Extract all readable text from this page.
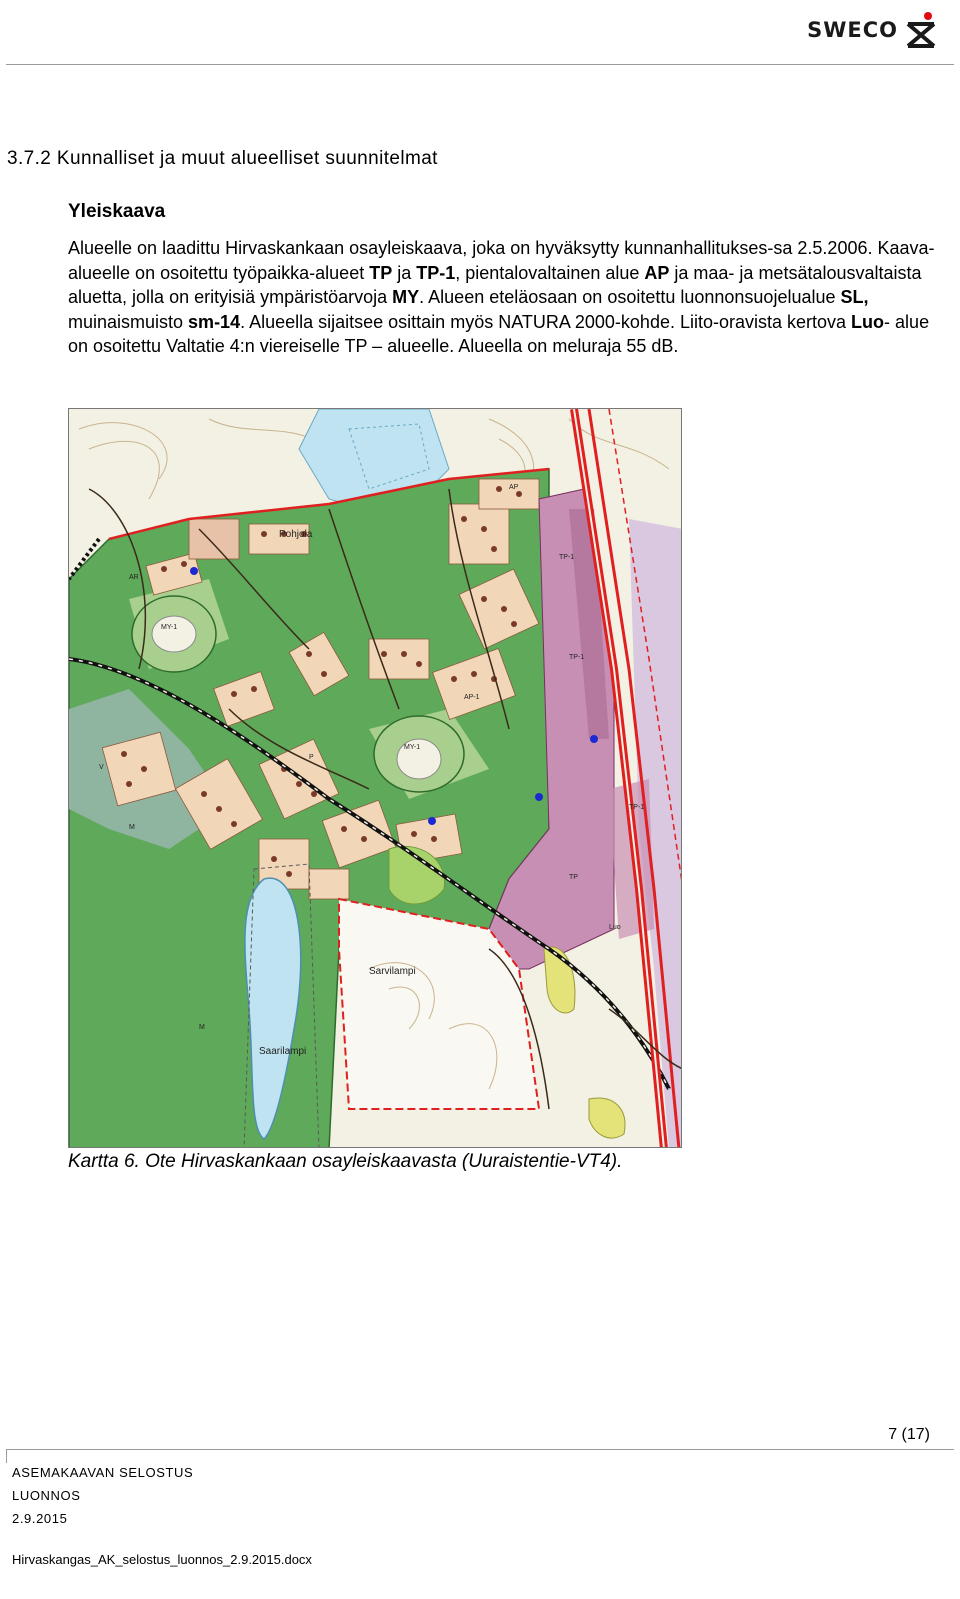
SWECO
3.7.2 Kunnalliset ja muut alueelliset suunnitelmat
Yleiskaava
Alueelle on laadittu Hirvaskankaan osayleiskaava, joka on hyväksytty kunnanhallitukses-sa 2.5.2006. Kaava-alueelle on osoitettu työpaikka-alueet TP ja TP-1, pientalovaltainen alue AP ja maa- ja metsätalousvaltaista aluetta, jolla on erityisiä ympäristöarvoja MY. Alueen eteläosaan on osoitettu luonnonsuojelualue SL, muinaismuisto sm-14. Alueella sijaitsee osittain myös NATURA 2000-kohde. Liito-oravista kertova Luo- alue on osoitettu Valtatie 4:n viereiselle TP – alueelle. Alueella on meluraja 55 dB.
Pohjola
Sarvilampi
Saarilampi
MY-1
MY-1
AP
AP-1
TP
TP-1
TP-1
TP-1
M
M
V
P
AR
Luo
Kartta 6. Ote Hirvaskankaan osayleiskaavasta (Uuraistentie-VT4).
7 (17)
ASEMAKAAVAN SELOSTUS
LUONNOS
2.9.2015
Hirvaskangas_AK_selostus_luonnos_2.9.2015.docx
